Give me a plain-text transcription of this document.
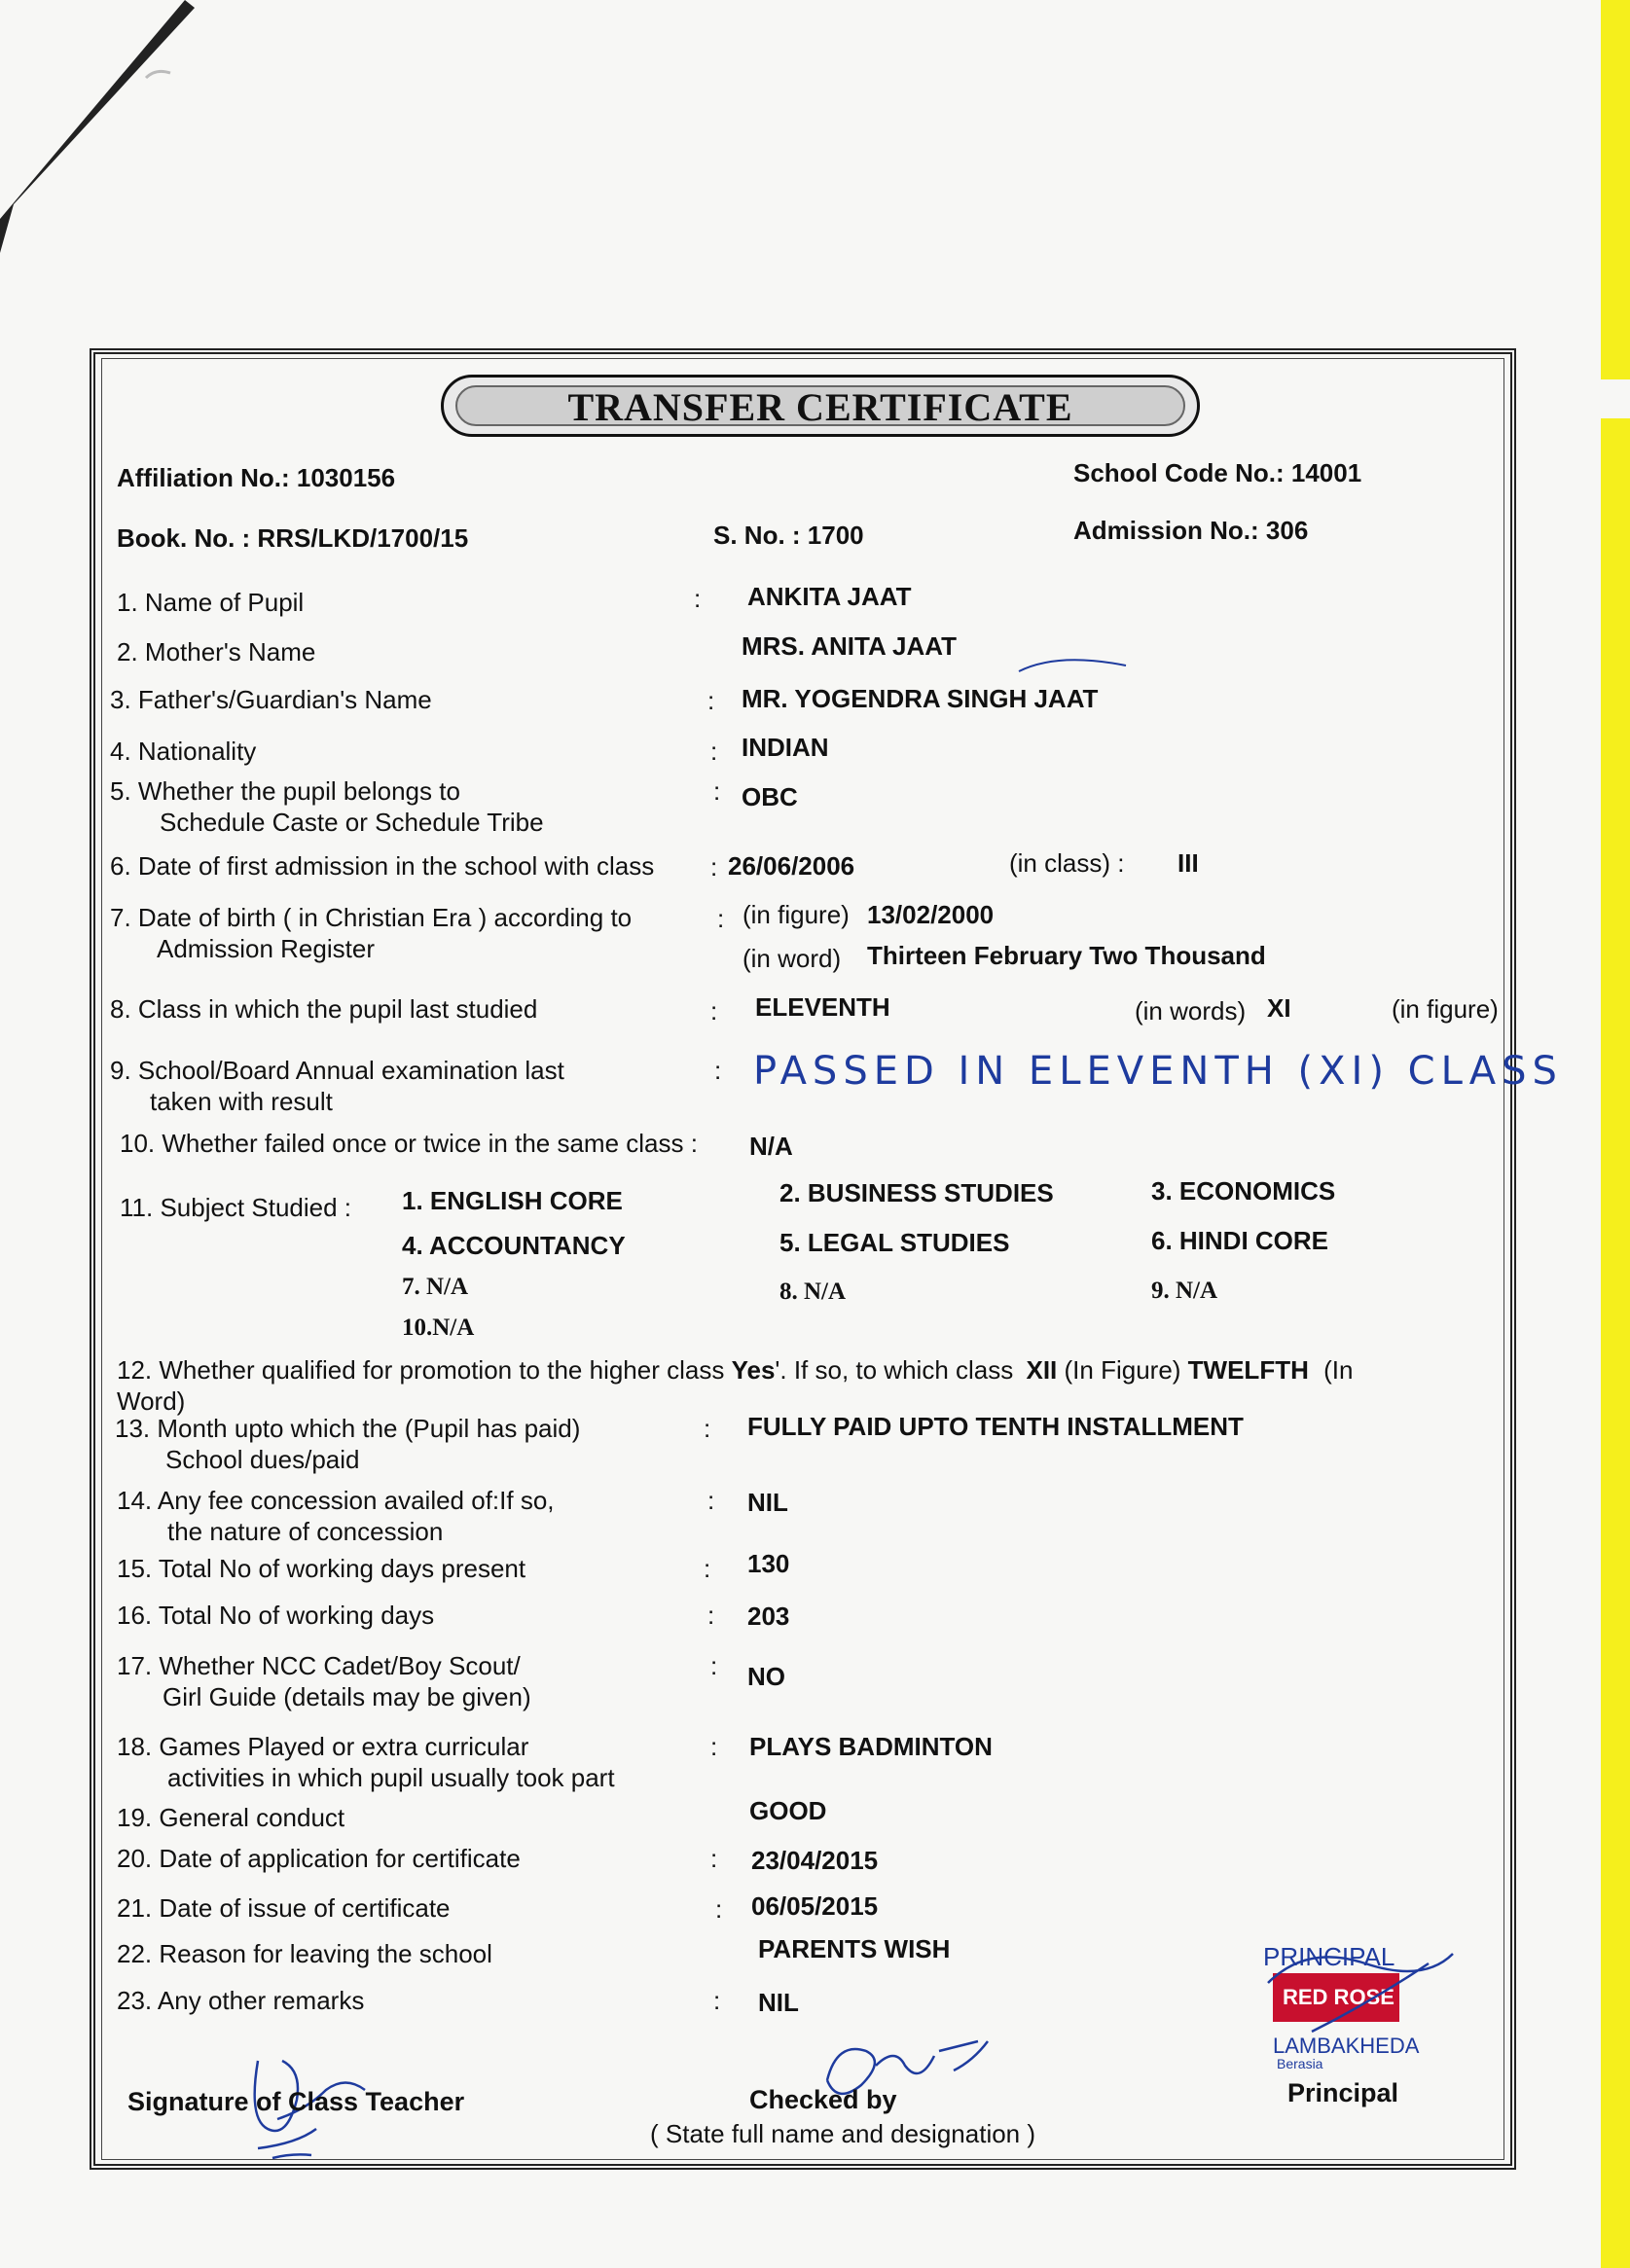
TRANSFER CERTIFICATE
Affiliation No.: 1030156	School Code No.: 14001
Book. No. : RRS/LKD/1700/15	S. No. : 1700	Admission No.: 306
1. Name of Pupil	: ANKITA JAAT
2. Mother's Name	MRS. ANITA JAAT
3. Father's/Guardian's Name	: MR. YOGENDRA SINGH JAAT
4. Nationality	: INDIAN
5. Whether the pupil belongs to
Schedule Caste or Schedule Tribe
: OBC
6. Date of first admission in the school with class : 26/06/2006	(in class) : III
7. Date of birth ( in Christian Era ) according to
Admission Register
: (in figure) 13/02/2000
(in word) Thirteen February Two Thousand
8. Class in which the pupil last studied	: ELEVENTH	(in words) XI	(in figure)
9. School/Board Annual examination last
taken with result
: PASSED IN ELEVENTH (XI) CLASS
10. Whether failed once or twice in the same class : N/A
11. Subject Studied : 1. ENGLISH CORE	2. BUSINESS STUDIES	3. ECONOMICS
4. ACCOUNTANCY	5. LEGAL STUDIES	6. HINDI CORE
7. N/A	8. N/A	9. N/A
10.N/A
12. Whether qualified for promotion to the higher class Yes'. If so, to which class XII (In Figure) TWELFTH (In
Word)
13. Month upto which the (Pupil has paid)
School dues/paid
: FULLY PAID UPTO TENTH INSTALLMENT
14. Any fee concession availed of:If so,
the nature of concession
: NIL
15. Total No of working days present	: 130
16. Total No of working days	: 203
17. Whether NCC Cadet/Boy Scout/
Girl Guide (details may be given)
: NO
18. Games Played or extra curricular
activities in which pupil usually took part
: PLAYS BADMINTON
19. General conduct	GOOD
20. Date of application for certificate	: 23/04/2015
21. Date of issue of certificate	: 06/05/2015
22. Reason for leaving the school	PARENTS WISH
23. Any other remarks	: NIL
Signature of Class Teacher	Checked by
( State full name and designation )
RED ROSE
PRINCIPAL
LAMBAKHEDA
Berasia
Principal
